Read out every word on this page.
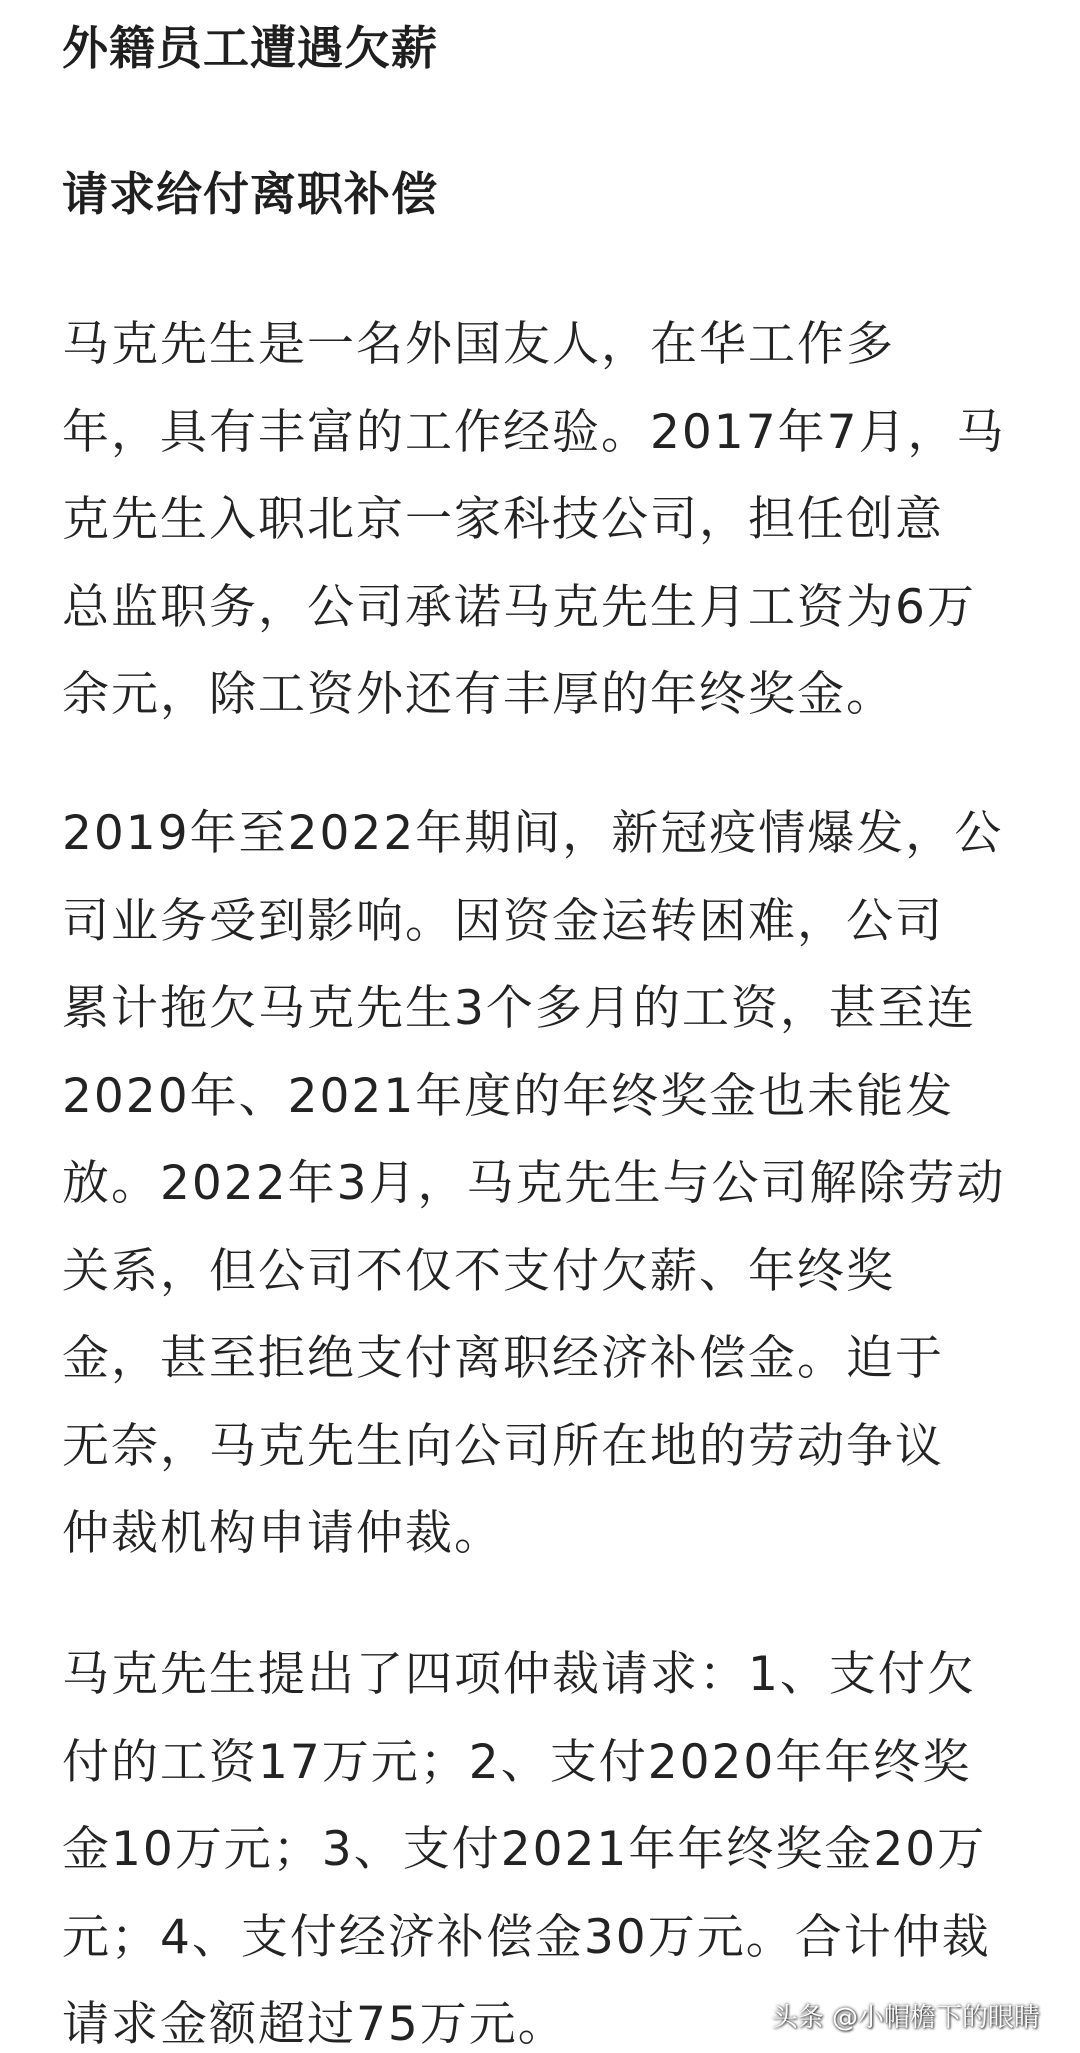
外籍员工遭遇欠薪
请求给付离职补偿
马克先生是一名外国友人，在华工作多
年，具有丰富的工作经验。2017年7月，马
克先生入职北京一家科技公司，担任创意
总监职务，公司承诺马克先生月工资为6万
余元，除工资外还有丰厚的年终奖金。
2019年至2022年期间，新冠疫情爆发，公
司业务受到影响。因资金运转困难，公司
累计拖欠马克先生3个多月的工资，甚至连
2020年、2021年度的年终奖金也未能发
放。2022年3月，马克先生与公司解除劳动
关系，但公司不仅不支付欠薪、年终奖
金，甚至拒绝支付离职经济补偿金。迫于
无奈，马克先生向公司所在地的劳动争议
仲裁机构申请仲裁。
马克先生提出了四项仲裁请求：1、支付欠
付的工资17万元；2、支付2020年年终奖
金10万元；3、支付2021年年终奖金20万
元；4、支付经济补偿金30万元。合计仲裁
请求金额超过75万元。	头条 @小帽檐下的眼睛
